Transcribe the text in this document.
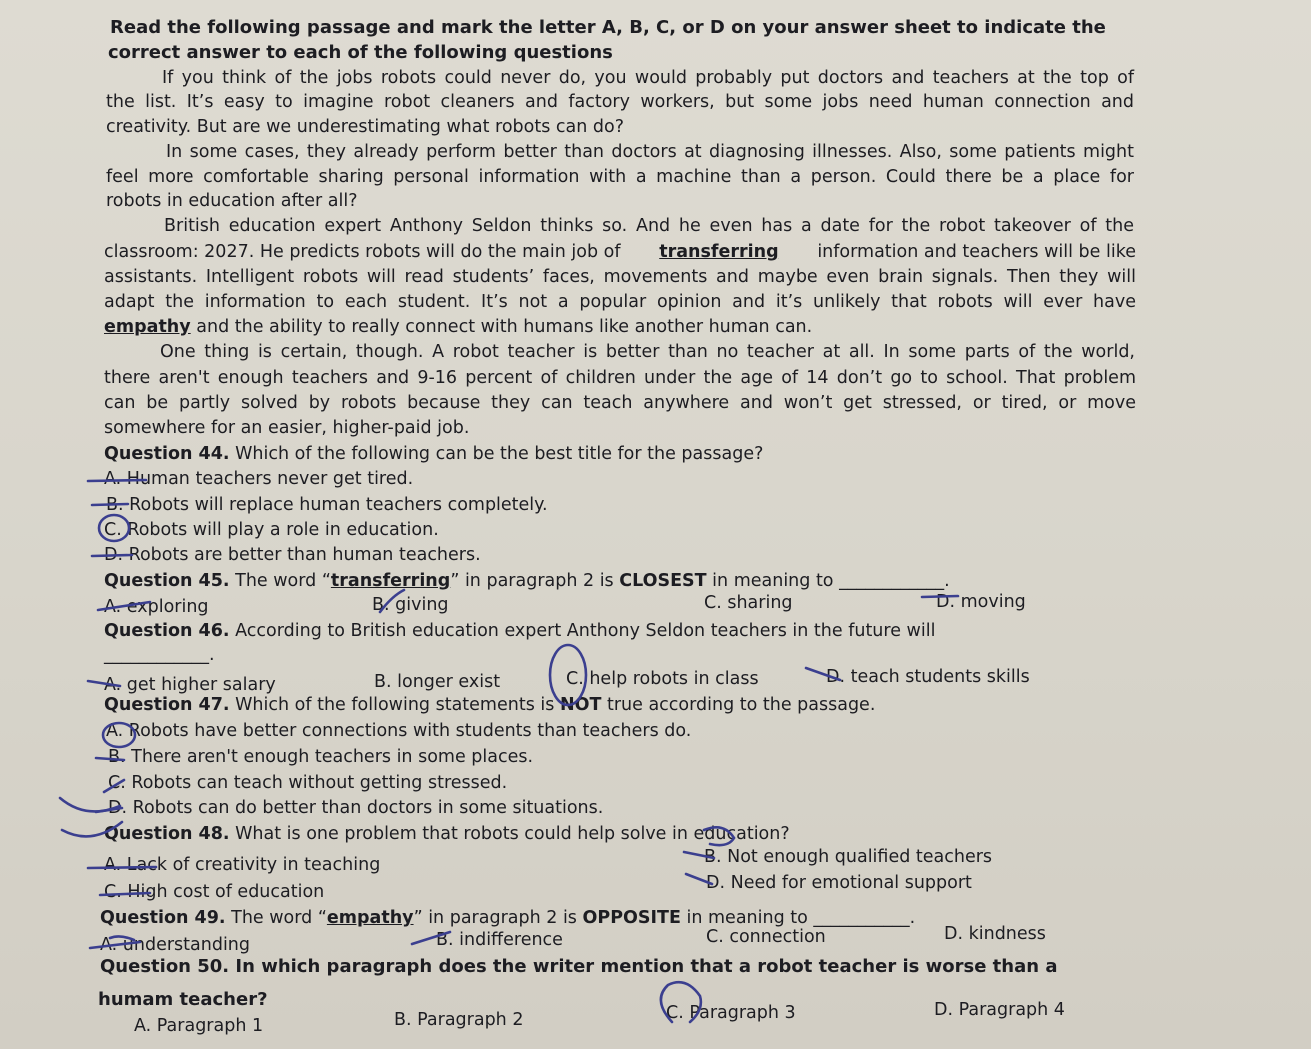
Read the following passage and mark the letter A, B, C, or D on your answer sheet to indicate the
correct answer to each of the following questions
If you think of the jobs robots could never do, you would probably put doctors and teachers at the top of
the list. It’s easy to imagine robot cleaners and factory workers, but some jobs need human connection and
creativity. But are we underestimating what robots can do?
In some cases, they already perform better than doctors at diagnosing illnesses. Also, some patients might
feel more comfortable sharing personal information with a machine than a person. Could there be a place for
robots in education after all?
British education expert Anthony Seldon thinks so. And he even has a date for the robot takeover of the
classroom: 2027. He predicts robots will do the main job of transferring information and teachers will be like
assistants. Intelligent robots will read students’ faces, movements and maybe even brain signals. Then they will
adapt the information to each student. It’s not a popular opinion and it’s unlikely that robots will ever have
empathy and the ability to really connect with humans like another human can.
One thing is certain, though. A robot teacher is better than no teacher at all. In some parts of the world,
there aren't enough teachers and 9-16 percent of children under the age of 14 don’t go to school. That problem
can be partly solved by robots because they can teach anywhere and won’t get stressed, or tired, or move
somewhere for an easier, higher-paid job.
Question 44. Which of the following can be the best title for the passage?
A. Human teachers never get tired.
B. Robots will replace human teachers completely.
C. Robots will play a role in education.
D. Robots are better than human teachers.
Question 45. The word “transferring” in paragraph 2 is CLOSEST in meaning to ____________.
A. exploring	B. giving	C. sharing	D. moving
Question 46. According to British education expert Anthony Seldon teachers in the future will
____________.
A. get higher salary	B. longer exist	C. help robots in class	D. teach students skills
Question 47. Which of the following statements is NOT true according to the passage.
A. Robots have better connections with students than teachers do.
B. There aren't enough teachers in some places.
C. Robots can teach without getting stressed.
D. Robots can do better than doctors in some situations.
Question 48. What is one problem that robots could help solve in education?
A. Lack of creativity in teaching	B. Not enough qualified teachers
C. High cost of education	D. Need for emotional support
Question 49. The word “empathy” in paragraph 2 is OPPOSITE in meaning to ___________.
A. understanding	B. indifference	C. connection	D. kindness
Question 50. In which paragraph does the writer mention that a robot teacher is worse than a
humam teacher?
A. Paragraph 1	B. Paragraph 2	C. Paragraph 3	D. Paragraph 4
